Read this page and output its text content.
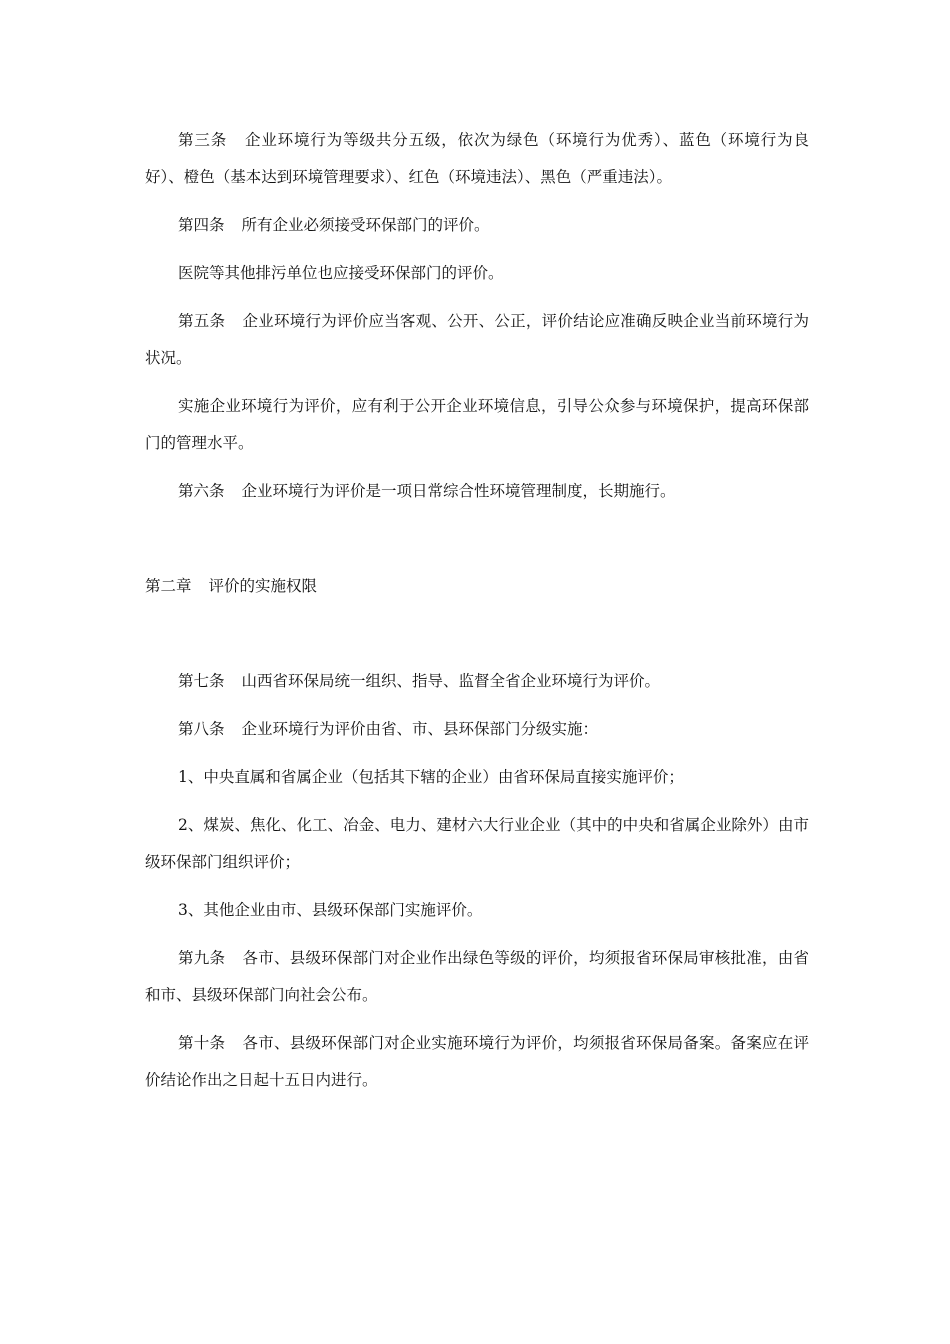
第三条 企业环境行为等级共分五级，依次为绿色（环境行为优秀）、蓝色（环境行为良好）、橙色（基本达到环境管理要求）、红色（环境违法）、黑色（严重违法）。

第四条 所有企业必须接受环保部门的评价。

医院等其他排污单位也应接受环保部门的评价。

第五条 企业环境行为评价应当客观、公开、公正，评价结论应准确反映企业当前环境行为状况。

实施企业环境行为评价，应有利于公开企业环境信息，引导公众参与环境保护，提高环保部门的管理水平。

第六条 企业环境行为评价是一项日常综合性环境管理制度，长期施行。

第二章 评价的实施权限

第七条 山西省环保局统一组织、指导、监督全省企业环境行为评价。

第八条 企业环境行为评价由省、市、县环保部门分级实施：

1、中央直属和省属企业（包括其下辖的企业）由省环保局直接实施评价；

2、煤炭、焦化、化工、冶金、电力、建材六大行业企业（其中的中央和省属企业除外）由市级环保部门组织评价；

3、其他企业由市、县级环保部门实施评价。

第九条 各市、县级环保部门对企业作出绿色等级的评价，均须报省环保局审核批准，由省和市、县级环保部门向社会公布。

第十条 各市、县级环保部门对企业实施环境行为评价，均须报省环保局备案。备案应在评价结论作出之日起十五日内进行。
